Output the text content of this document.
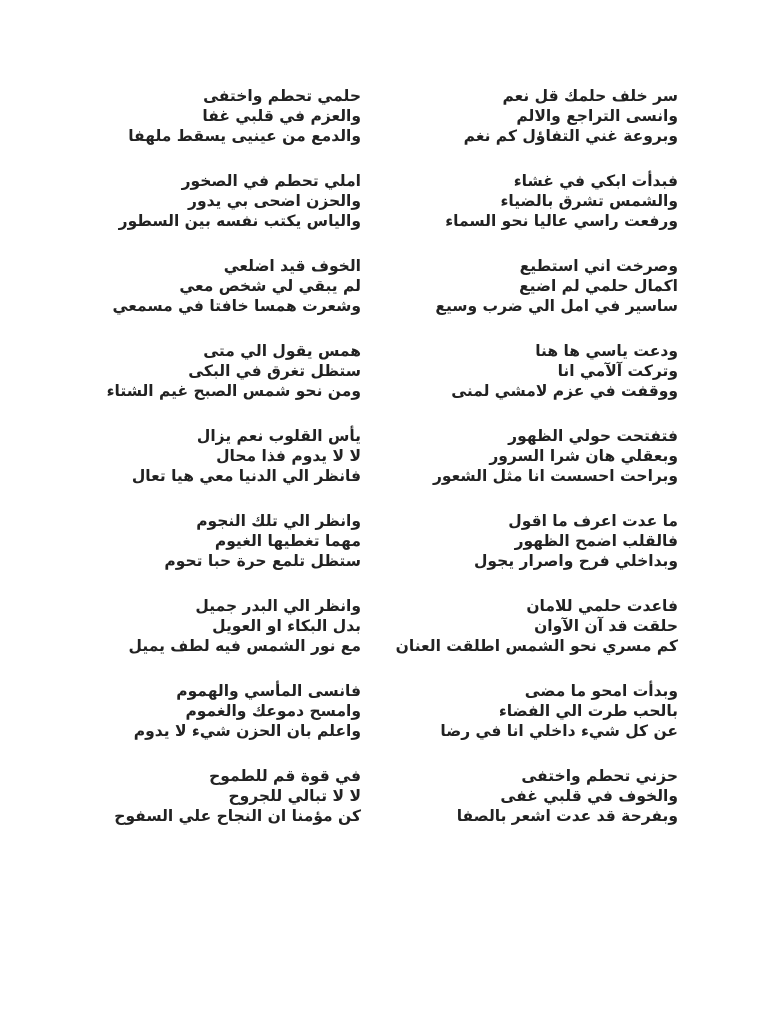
سر خلف حلمك قل نعم
وانسى التراجع والالم
وبروعة غني التفاؤل كم نغم
حلمي تحطم واختفى
والعزم في قلبي غفا
والدمع من عينيى يسقط ملهفا
فبدأت ابكي في غشاء
والشمس تشرق بالضياء
ورفعت راسي عاليا نحو السماء
املي تحطم في الصخور
والحزن اضحى بي يدور
والياس يكتب نفسه بين السطور
وصرخت اني استطيع
اكمال حلمي لم اضيع
ساسير في امل الي ضرب وسيع
الخوف قيد اضلعي
لم يبقي لي شخص معي
وشعرت همسا خافتا في مسمعي
ودعت ياسي ها هنا
وتركت آلآمي انا
ووقفت في عزم لامشي لمنى
همس يقول الي متى
ستظل تغرق في البكى
ومن نحو شمس الصبح غيم الشتاء
فتفتحت حولي الظهور
وبعقلي هان شرا السرور
وبراحت احسست انا مثل الشعور
يأس القلوب نعم يزال
لا لا يدوم فذا محال
فانظر الي الدنيا معي هيا تعال
ما عدت اعرف ما اقول
فالقلب اضمح الظهور
وبداخلي فرح واصرار يجول
وانظر الي تلك النجوم
مهما تغطيها الغيوم
ستظل تلمع حرة حبا تحوم
فاعدت حلمي للامان
حلقت قد آن الآوان
كم مسري نحو الشمس اطلقت العنان
وانظر الي البدر جميل
بدل البكاء او العويل
مع نور الشمس فيه لطف يميل
وبدأت امحو ما مضى
بالحب طرت الي الفضاء
عن كل شيء داخلي انا في رضا
فانسى المأسي والهموم
وامسح دموعك والغموم
واعلم بان الحزن شيء لا يدوم
حزني تحطم واختفى
والخوف في قلبي غفى
وبفرحة قد عدت اشعر بالصفا
في قوة قم للطموح
لا لا تبالي للجروح
كن مؤمنا ان النجاح علي السفوح
